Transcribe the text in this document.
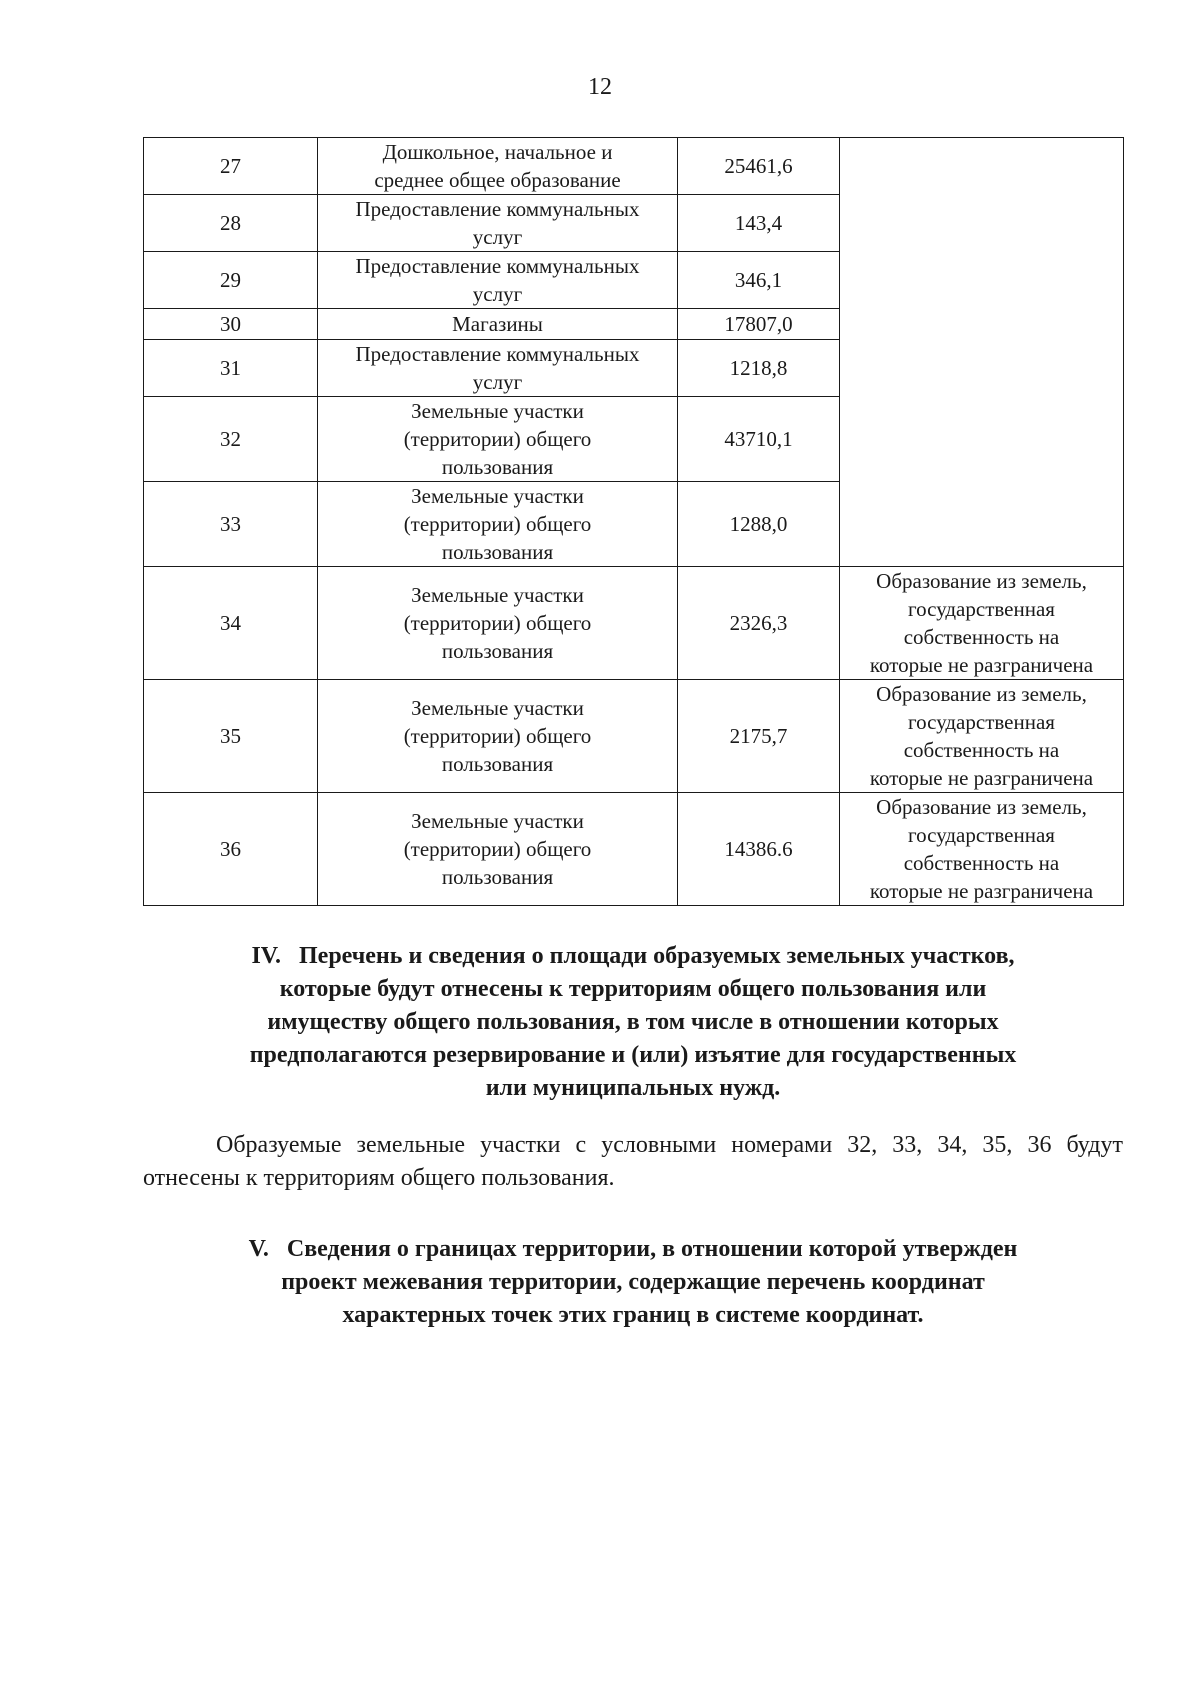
12
27	Дошкольное, начальное и
среднее общее образование	25461,6	
28	Предоставление коммунальных
услуг	143,4	
29	Предоставление коммунальных
услуг	346,1	
30	Магазины	17807,0	
31	Предоставление коммунальных
услуг	1218,8	
32	Земельные участки
(территории) общего
пользования	43710,1	
33	Земельные участки
(территории) общего
пользования	1288,0	
34	Земельные участки
(территории) общего
пользования	2326,3	Образование из земель,
государственная
собственность на
которые не разграничена
35	Земельные участки
(территории) общего
пользования	2175,7	Образование из земель,
государственная
собственность на
которые не разграничена
36	Земельные участки
(территории) общего
пользования	14386.6	Образование из земель,
государственная
собственность на
которые не разграничена
IV. Перечень и сведения о площади образуемых земельных участков,
которые будут отнесены к территориям общего пользования или
имуществу общего пользования, в том числе в отношении которых
предполагаются резервирование и (или) изъятие для государственных
или муниципальных нужд.

Образуемые земельные участки с условными номерами 32, 33, 34, 35, 36 будут отнесены к территориям общего пользования.

V. Сведения о границах территории, в отношении которой утвержден
проект межевания территории, содержащие перечень координат
характерных точек этих границ в системе координат.
